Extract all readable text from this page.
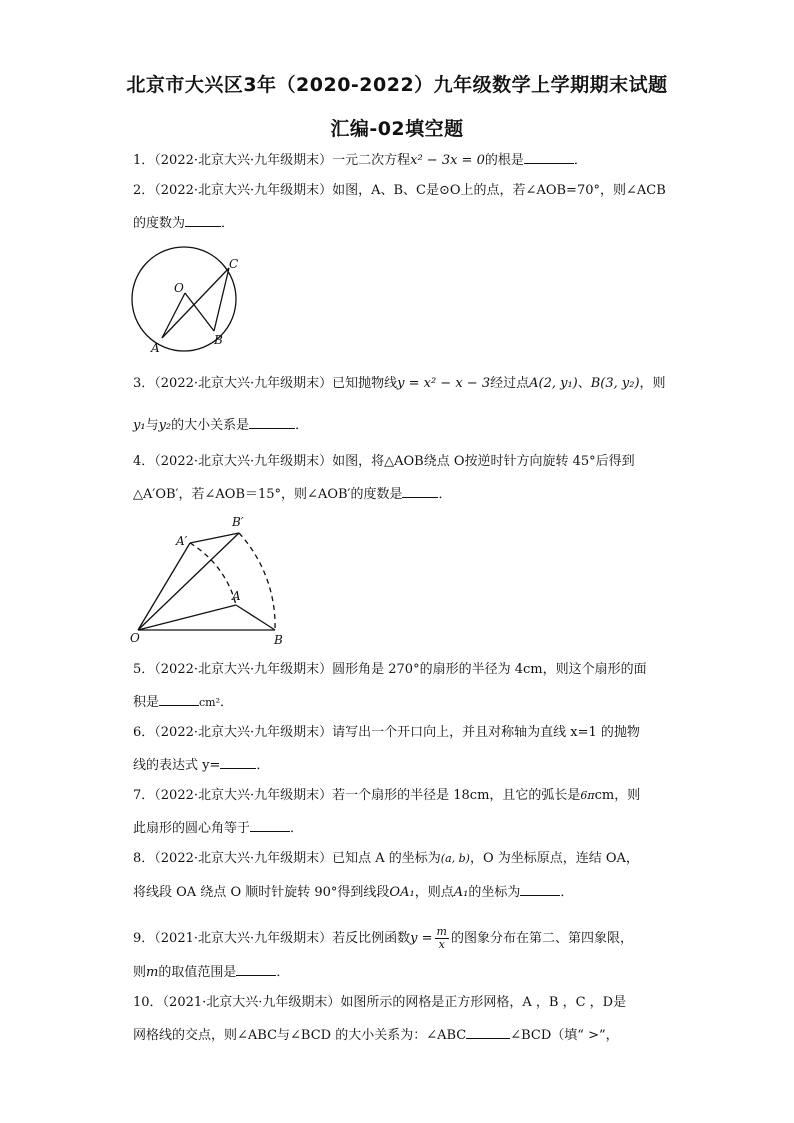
北京市大兴区3年（2020-2022）九年级数学上学期期末试题
汇编-02填空题
1．（2022·北京大兴·九年级期末）一元二次方程x² − 3x = 0的根是	．
2．（2022·北京大兴·九年级期末）如图，A、B、C是⊙O上的点，若∠AOB=70°，则∠ACB
的度数为	．
O
A
B
C
3．（2022·北京大兴·九年级期末）已知抛物线y = x² − x − 3经过点A(2, y₁)、B(3, y₂)，则
y₁与y₂的大小关系是	．
4．（2022·北京大兴·九年级期末）如图，将△AOB绕点 O按逆时针方向旋转 45°后得到
△A′OB′，若∠AOB＝15°，则∠AOB′的度数是	．
O
A
B
A′
B′
5．（2022·北京大兴·九年级期末）圆形角是 270°的扇形的半径为 4cm，则这个扇形的面
积是	cm²．
6．（2022·北京大兴·九年级期末）请写出一个开口向上，并且对称轴为直线 x=1 的抛物
线的表达式 y=	．
7．（2022·北京大兴·九年级期末）若一个扇形的半径是 18cm，且它的弧长是6πcm，则
此扇形的圆心角等于	．
8．（2022·北京大兴·九年级期末）已知点 A 的坐标为(a, b)，O 为坐标原点，连结 OA，
将线段 OA 绕点 O 顺时针旋转 90°得到线段OA₁，则点A₁的坐标为	．
9．（2021·北京大兴·九年级期末）若反比例函数$y = \frac{m}{x}$ 的图象分布在第二、第四象限，
则m的取值范围是	．
10．（2021·北京大兴·九年级期末）如图所示的网格是正方形网格，A ，B ，C ，D是
网格线的交点，则∠ABC与∠BCD 的大小关系为：∠ABC	∠BCD（填“ >”，
